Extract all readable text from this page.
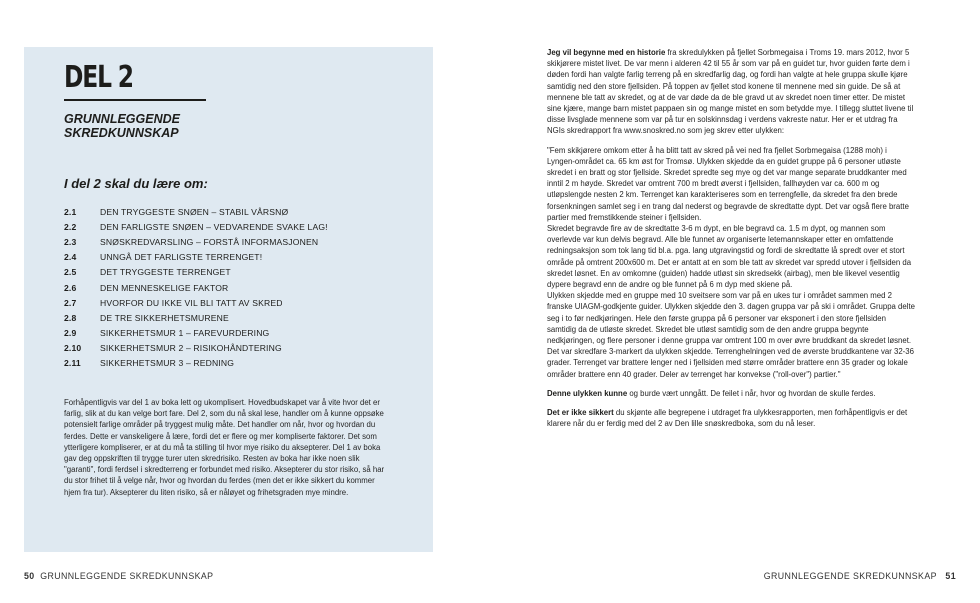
DEL 2
GRUNNLEGGENDE SKREDKUNNSKAP
I del 2 skal du lære om:
2.1	DEN TRYGGESTE SNØEN – STABIL VÅRSNØ
2.2	DEN FARLIGSTE SNØEN – VEDVARENDE SVAKE LAG!
2.3	SNØSKREDVARSLING – FORSTÅ INFORMASJONEN
2.4	UNNGÅ DET FARLIGSTE TERRENGET!
2.5	DET TRYGGESTE TERRENGET
2.6	DEN MENNESKELIGE FAKTOR
2.7	HVORFOR DU IKKE VIL BLI TATT AV SKRED
2.8	DE TRE SIKKERHETSMURENE
2.9	SIKKERHETSMUR 1 – FAREVURDERING
2.10	SIKKERHETSMUR 2 – RISIKOHÅNDTERING
2.11	SIKKERHETSMUR 3 – REDNING

Forhåpentligvis var del 1 av boka lett og ukomplisert. Hovedbudskapet var å vite hvor det er farlig, slik at du kan velge bort fare. Del 2, som du nå skal lese, handler om å kunne oppsøke potensielt farlige områder på tryggest mulig måte. Det handler om når, hvor og hvordan du ferdes. Dette er vanskeligere å lære, fordi det er flere og mer kompliserte faktorer. Det som ytterligere kompliserer, er at du må ta stilling til hvor mye risiko du aksepterer. Del 1 av boka gav deg oppskriften til trygge turer uten skredrisiko. Resten av boka har ikke noen slik "garanti", fordi ferdsel i skredterreng er forbundet med risiko. Aksepterer du stor risiko, så har du stor frihet til å velge når, hvor og hvordan du ferdes (men det er ikke sikkert du kommer hjem fra tur). Aksepterer du liten risiko, så er nåløyet og frihetsgraden mye mindre.

Jeg vil begynne med en historie fra skredulykken på fjellet Sorbmegaisa i Troms 19. mars 2012, hvor 5 skikjørere mistet livet. De var menn i alderen 42 til 55 år som var på en guidet tur, hvor guiden førte dem i døden fordi han valgte farlig terreng på en skredfarlig dag, og fordi han valgte at hele gruppa skulle kjøre samtidig ned den store fjellsiden. På toppen av fjellet stod konene til mennene med sin guide. De så at mennene ble tatt av skredet, og at de var døde da de ble gravd ut av skredet noen timer etter. De mistet sine kjære, mange barn mistet pappaen sin og mange mistet en som betydde mye. I tillegg sluttet livene til disse livsglade mennene som var på tur en solskinnsdag i verdens vakreste natur. Her er et utdrag fra NGIs skredrapport fra www.snoskred.no som jeg skrev etter ulykken:

"Fem skikjørere omkom etter å ha blitt tatt av skred på vei ned fra fjellet Sorbmegaisa (1288 moh) i Lyngen-området ca. 65 km øst for Tromsø. Ulykken skjedde da en guidet gruppe på 6 personer utløste skredet i en bratt og stor fjellside. Skredet spredte seg mye og det var mange separate bruddkanter med inntil 2 m høyde. Skredet var omtrent 700 m bredt øverst i fjellsiden, fallhøyden var ca. 600 m og utløpslengde nesten 2 km. Terrenget kan karakteriseres som en terrengfelle, da skredet fra den brede forsenkningen samlet seg i en trang dal nederst og begravde de skredtatte dypt. Det var også flere bratte partier med fremstikkende steiner i fjellsiden.

Skredet begravde fire av de skredtatte 3-6 m dypt, en ble begravd ca. 1.5 m dypt, og mannen som overlevde var kun delvis begravd. Alle ble funnet av organiserte letemannskaper etter en omfattende redningsaksjon som tok lang tid bl.a. pga. lang utgravingstid og fordi de skredtatte lå spredt over et stort område på omtrent 200x600 m. Det er antatt at en som ble tatt av skredet var spredd utover i fjellsiden da skredet løsnet. En av omkomne (guiden) hadde utløst sin skredsekk (airbag), men ble likevel vesentlig dypere begravd enn de andre og ble funnet på 6 m dyp med skiene på.

Ulykken skjedde med en gruppe med 10 sveitsere som var på en ukes tur i området sammen med 2 franske UIAGM-godkjente guider. Ulykken skjedde den 3. dagen gruppa var på ski i området. Gruppa delte seg i to før nedkjøringen. Hele den første gruppa på 6 personer var eksponert i den store fjellsiden samtidig da de utløste skredet. Skredet ble utløst samtidig som de den andre gruppa begynte nedkjøringen, og flere personer i denne gruppa var omtrent 100 m over øvre bruddkant da skredet løsnet.

Det var skredfare 3-markert da ulykken skjedde. Terrenghelningen ved de øverste bruddkantene var 32-36 grader. Terrenget var brattere lenger ned i fjellsiden med større områder brattere enn 35 grader og lokale områder brattere enn 40 grader. Deler av terrenget har konvekse ("roll-over") partier."

Denne ulykken kunne og burde vært unngått. De feilet i når, hvor og hvordan de skulle ferdes.

Det er ikke sikkert du skjønte alle begrepene i utdraget fra ulykkesrapporten, men forhåpentligvis er det klarere når du er ferdig med del 2 av Den lille snøskredboka, som du nå leser.

50 GRUNNLEGGENDE SKREDKUNNSKAP	GRUNNLEGGENDE SKREDKUNNSKAP 51
